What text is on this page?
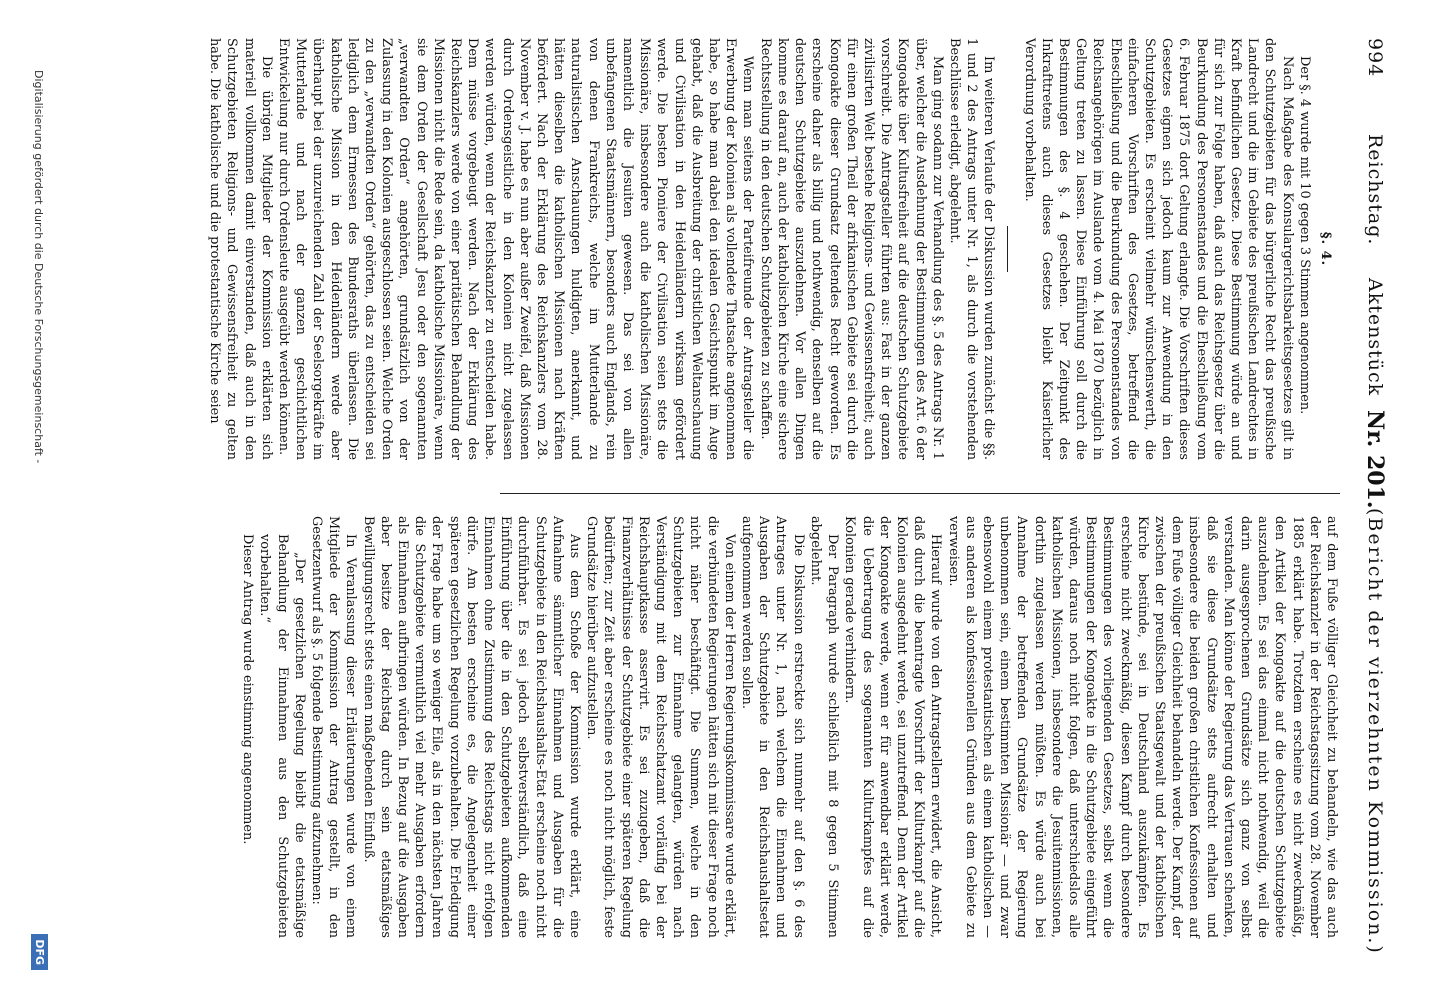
994
Reichstag.
Aktenstück
Nr. 201.
(Bericht der vierzehnten Kommission.)

§. 4.

Der §. 4 wurde mit 10 gegen 3 Stimmen angenommen.

Nach Maßgabe des Konsulargerichtsbarkeitsgesetzes gilt in den Schutzgebieten für das bürgerliche Recht das preußische Landrecht und die im Gebiete des preußischen Landrechtes in Kraft befindlichen Gesetze. Diese Bestimmung würde an und für sich zur Folge haben, daß auch das Reichsgesetz über die Beurkundung des Personenstandes und die Eheschließung vom 6. Februar 1875 dort Geltung erlangte. Die Vorschriften dieses Gesetzes eignen sich jedoch kaum zur Anwendung in den Schutzgebieten. Es erscheint vielmehr wünschenswerth, die einfacheren Vorschriften des Gesetzes, betreffend die Eheschließung und die Beurkundung des Personenstandes von Reichsangehörigen im Auslande vom 4. Mai 1870 bezüglich in Geltung treten zu lassen. Diese Einführung soll durch die Bestimmungen des §. 4 geschehen. Der Zeitpunkt des Inkrafttretens auch dieses Gesetzes bleibt Kaiserlicher Verordnung vorbehalten.

Im weiteren Verlaufe der Diskussion wurden zunächst die §§. 1 und 2 des Antrags unter Nr. 1, als durch die vorstehenden Beschlüsse erledigt, abgelehnt.

Man ging sodann zur Verhandlung des §. 5 des Antrags Nr. 1 über, welcher die Ausdehnung der Bestimmungen des Art. 6 der Kongoakte über Kultusfreiheit auf die deutschen Schutzgebiete vorschreibt. Die Antragsteller führten aus: Fast in der ganzen zivilisirten Welt bestehe Religions- und Gewissensfreiheit; auch für einen großen Theil der afrikanischen Gebiete sei durch die Kongoakte dieser Grundsatz geltendes Recht geworden. Es erscheine daher als billig und nothwendig, denselben auf die deutschen Schutzgebiete auszudehnen. Vor allen Dingen komme es darauf an, auch der katholischen Kirche eine sichere Rechtsstellung in den deutschen Schutzgebieten zu schaffen.

Wenn man seitens der Parteifreunde der Antragsteller die Erwerbung der Kolonien als vollendete Thatsache angenommen habe, so habe man dabei den idealen Gesichtspunkt im Auge gehabt, daß die Ausbreitung der christlichen Weltanschauung und Civilisation in den Heidenländern wirksam gefördert werde. Die besten Pioniere der Civilisation seien stets die Missionäre, insbesondere auch die katholischen Missionäre, namentlich die Jesuiten gewesen. Das sei von allen unbefangenen Staatsmännern, besonders auch Englands, rein von denen Frankreichs, welche im Mutterlande zu naturalistischen Anschauungen huldigten, anerkannt, und hätten dieselben die katholischen Missionen nach Kräften befördert. Nach der Erklärung des Reichskanzlers vom 28. November v. J. habe es nun aber außer Zweifel, daß Missionen durch Ordensgeistliche in den Kolonien nicht zugelassen werden würden, wenn der Reichskanzler zu entscheiden habe. Dem müsse vorgebeugt werden. Nach der Erklärung des Reichskanzlers werde von einer paritätischen Behandlung der Missionen nicht die Rede sein, da katholische Missionäre, wenn sie dem Orden der Gesellschaft Jesu oder den sogenannten „verwandten Orden“ angehörten, grundsätzlich von der Zulassung in den Kolonien ausgeschlossen seien. Welche Orden zu den „verwandten Orden“ gehörten, das zu entscheiden sei lediglich dem Ermessen des Bundesraths überlassen. Die katholische Mission in den Heidenländern werde aber überhaupt bei der unzureichenden Zahl der Seelsorgekräfte im Mutterlande und nach der ganzen geschichtlichen Entwickelung nur durch Ordensleute ausgeübt werden können.

Die übrigen Mitglieder der Kommission erklärten sich materiell vollkommen damit einverstanden, daß auch in den Schutzgebieten Religions- und Gewissensfreiheit zu gelten habe. Die katholische und die protestantische Kirche seien

auf dem Fuße völliger Gleichheit zu behandeln, wie das auch der Reichskanzler in der Reichstagssitzung vom 28. November 1885 erklärt habe. Trotzdem erscheine es nicht zweckmäßig, den Artikel der Kongoakte auf die deutschen Schutzgebiete auszudehnen. Es sei das einmal nicht nothwendig, weil die darin ausgesprochenen Grundsätze sich ganz von selbst verstanden. Man könne der Regierung das Vertrauen schenken, daß sie diese Grundsätze stets aufrecht erhalten und insbesondere die beiden großen christlichen Konfessionen auf dem Fuße völliger Gleichheit behandeln werde. Der Kampf, der zwischen der preußischen Staatsgewalt und der katholischen Kirche bestünde, sei in Deutschland auszukämpfen. Es erscheine nicht zweckmäßig, diesen Kampf durch besondere Bestimmungen des vorliegenden Gesetzes, selbst wenn die Bestimmungen der Kongoakte in die Schutzgebiete eingeführt würden, daraus noch nicht folgen, daß unterschiedslos alle katholischen Missionen, insbesondere die Jesuitenmissionen, dorthin zugelassen werden müßten. Es würde auch bei Annahme der betreffenden Grundsätze der Regierung unbenommen sein, einem bestimmten Missionär — und zwar ebensowohl einem protestantischen als einem katholischen — aus anderen als konfessionellen Gründen aus dem Gebiete zu verweisen.

Hierauf wurde von den Antragstellern erwidert, die Ansicht, daß durch die beantragte Vorschrift der Kulturkampf auf die Kolonien ausgedehnt werde, sei unzutreffend. Denn der Artikel der Kongoakte werde, wenn er für anwendbar erklärt werde, die Uebertragung des sogenannten Kulturkampfes auf die Kolonien gerade verhindern.

Der Paragraph wurde schließlich mit 8 gegen 5 Stimmen abgelehnt.

Die Diskussion erstreckte sich nunmehr auf den §. 6 des Antrages unter Nr. 1, nach welchem die Einnahmen und Ausgaben der Schutzgebiete in den Reichshaushaltsetat aufgenommen werden sollen.

Von einem der Herren Regierungskommissare wurde erklärt, die verbündeten Regierungen hätten sich mit dieser Frage noch nicht näher beschäftigt. Die Summen, welche in den Schutzgebieten zur Einnahme gelangten, würden nach Verständigung mit dem Reichsschatzamt vorläufig bei der Reichshauptkasse asservirt. Es sei zuzugeben, daß die Finanzverhältnisse der Schutzgebiete einer späteren Regelung bedürften; zur Zeit aber erscheine es noch nicht möglich, feste Grundsätze hierüber aufzustellen.

Aus dem Schoße der Kommission wurde erklärt, eine Aufnahme sämmtlicher Einnahmen und Ausgaben für die Schutzgebiete in den Reichshaushalts-Etat erscheine noch nicht durchführbar. Es sei jedoch selbstverständlich, daß eine Einführung über die in den Schutzgebieten aufkommenden Einnahmen ohne Zustimmung des Reichstags nicht erfolgen dürfe. Am besten erscheine es, die Angelegenheit einer späteren gesetzlichen Regelung vorzubehalten. Die Erledigung der Frage habe um so weniger Eile, als in den nächsten Jahren die Schutzgebiete vermuthlich viel mehr Ausgaben erfordern als Einnahmen aufbringen würden. In Bezug auf die Ausgaben aber besitze der Reichstag durch sein etatsmäßiges Bewilligungsrecht stets einen maßgebenden Einfluß.

In Veranlassung dieser Erläuterungen wurde von einem Mitgliede der Kommission der Antrag gestellt, in den Gesetzentwurf als §. 5 folgende Bestimmung aufzunehmen:

„Der gesetzlichen Regelung bleibt die etatsmäßige Behandlung der Einnahmen aus den Schutzgebieten vorbehalten.“

Dieser Antrag wurde einstimmig angenommen.

Digitalisierung gefördert durch die Deutsche Forschungsgemeinschaft -
DFG
